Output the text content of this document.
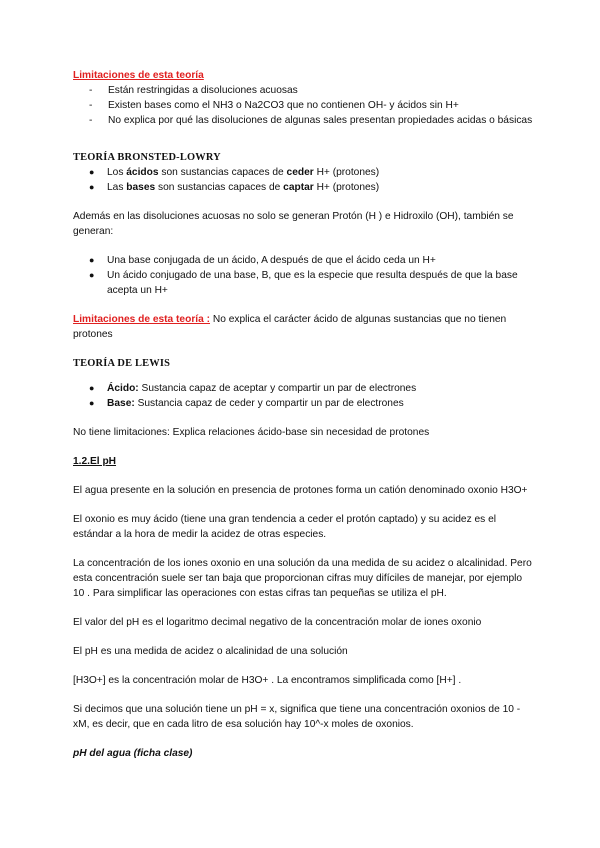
Limitaciones de esta teoría
- Están restringidas a disoluciones acuosas
- Existen bases como el NH3 o Na2CO3 que no contienen OH- y ácidos sin H+
- No explica por qué las disoluciones de algunas sales presentan propiedades acidas o básicas
TEORÍA BRONSTED-LOWRY
● Los ácidos son sustancias capaces de ceder H+ (protones)
● Las bases son sustancias capaces de captar H+ (protones)

Además en las disoluciones acuosas no solo se generan Protón (H ) e Hidroxilo (OH), también se generan:

● Una base conjugada de un ácido, A después de que el ácido ceda un H+
● Un ácido conjugado de una base, B, que es la especie que resulta después de que la base acepta un H+

Limitaciones de esta teoría : No explica el carácter ácido de algunas sustancias que no tienen protones

TEORÍA DE LEWIS
● Ácido: Sustancia capaz de aceptar y compartir un par de electrones
● Base: Sustancia capaz de ceder y compartir un par de electrones

No tiene limitaciones: Explica relaciones ácido-base sin necesidad de protones

1.2.El pH

El agua presente en la solución en presencia de protones forma un catión denominado oxonio H3O+

El oxonio es muy ácido (tiene una gran tendencia a ceder el protón captado) y su acidez es el estándar a la hora de medir la acidez de otras especies.

La concentración de los iones oxonio en una solución da una medida de su acidez o alcalinidad. Pero esta concentración suele ser tan baja que proporcionan cifras muy difíciles de manejar, por ejemplo 10 . Para simplificar las operaciones con estas cifras tan pequeñas se utiliza el pH.

El valor del pH es el logaritmo decimal negativo de la concentración molar de iones oxonio

El pH es una medida de acidez o alcalinidad de una solución

[H3O+] es la concentración molar de H3O+ . La encontramos simplificada como [H+] .

Si decimos que una solución tiene un pH = x, significa que tiene una concentración oxonios de 10 -xM, es decir, que en cada litro de esa solución hay 10^-x moles de oxonios.

pH del agua (ficha clase)
